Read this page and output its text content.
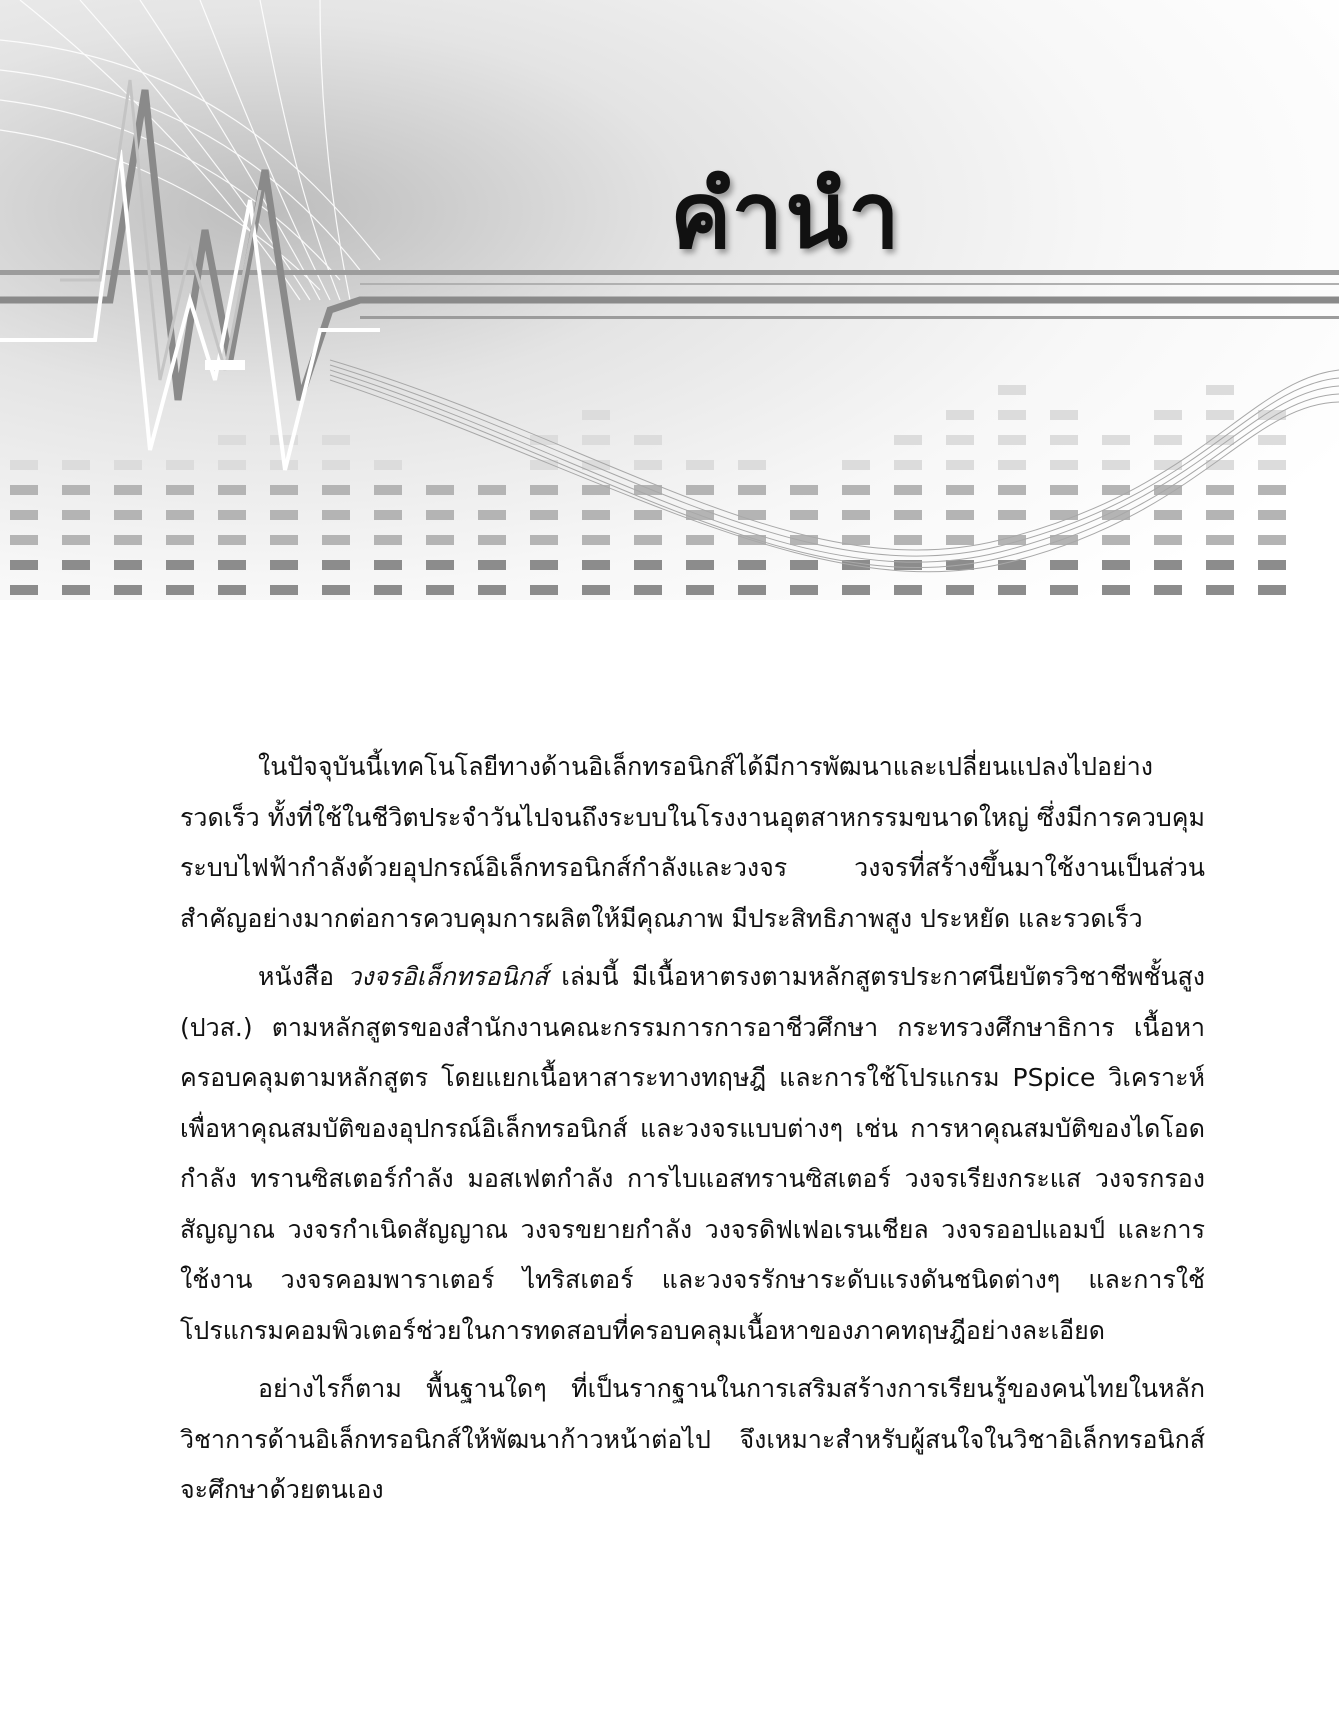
คำนำ

ในปัจจุบันนี้เทคโนโลยีทางด้านอิเล็กทรอนิกส์ได้มีการพัฒนาและเปลี่ยนแปลงไปอย่างรวดเร็ว ทั้งที่ใช้ในชีวิตประจำวันไปจนถึงระบบในโรงงานอุตสาหกรรมขนาดใหญ่ ซึ่งมีการควบคุมระบบไฟฟ้ากำลังด้วยอุปกรณ์อิเล็กทรอนิกส์กำลังและวงจร วงจรที่สร้างขึ้นมาใช้งานเป็นส่วนสำคัญอย่างมากต่อการควบคุมการผลิตให้มีคุณภาพ มีประสิทธิภาพสูง ประหยัด และรวดเร็ว

หนังสือ วงจรอิเล็กทรอนิกส์ เล่มนี้ มีเนื้อหาตรงตามหลักสูตรประกาศนียบัตรวิชาชีพชั้นสูง (ปวส.) ตามหลักสูตรของสำนักงานคณะกรรมการการอาชีวศึกษา กระทรวงศึกษาธิการ เนื้อหาครอบคลุมตามหลักสูตร โดยแยกเนื้อหาสาระทางทฤษฎี และการใช้โปรแกรม PSpice วิเคราะห์ เพื่อหาคุณสมบัติของอุปกรณ์อิเล็กทรอนิกส์ และวงจรแบบต่างๆ เช่น การหาคุณสมบัติของไดโอดกำลัง ทรานซิสเตอร์กำลัง มอสเฟตกำลัง การไบแอสทรานซิสเตอร์ วงจรเรียงกระแส วงจรกรองสัญญาณ วงจรกำเนิดสัญญาณ วงจรขยายกำลัง วงจรดิฟเฟอเรนเชียล วงจรออปแอมป์ และการใช้งาน วงจรคอมพาราเตอร์ ไทริสเตอร์ และวงจรรักษาระดับแรงดันชนิดต่างๆ และการใช้โปรแกรมคอมพิวเตอร์ช่วยในการทดสอบที่ครอบคลุมเนื้อหาของภาคทฤษฎีอย่างละเอียด

อย่างไรก็ตาม พื้นฐานใดๆ ที่เป็นรากฐานในการเสริมสร้างการเรียนรู้ของคนไทยในหลักวิชาการด้านอิเล็กทรอนิกส์ให้พัฒนาก้าวหน้าต่อไป จึงเหมาะสำหรับผู้สนใจในวิชาอิเล็กทรอนิกส์จะศึกษาด้วยตนเอง
